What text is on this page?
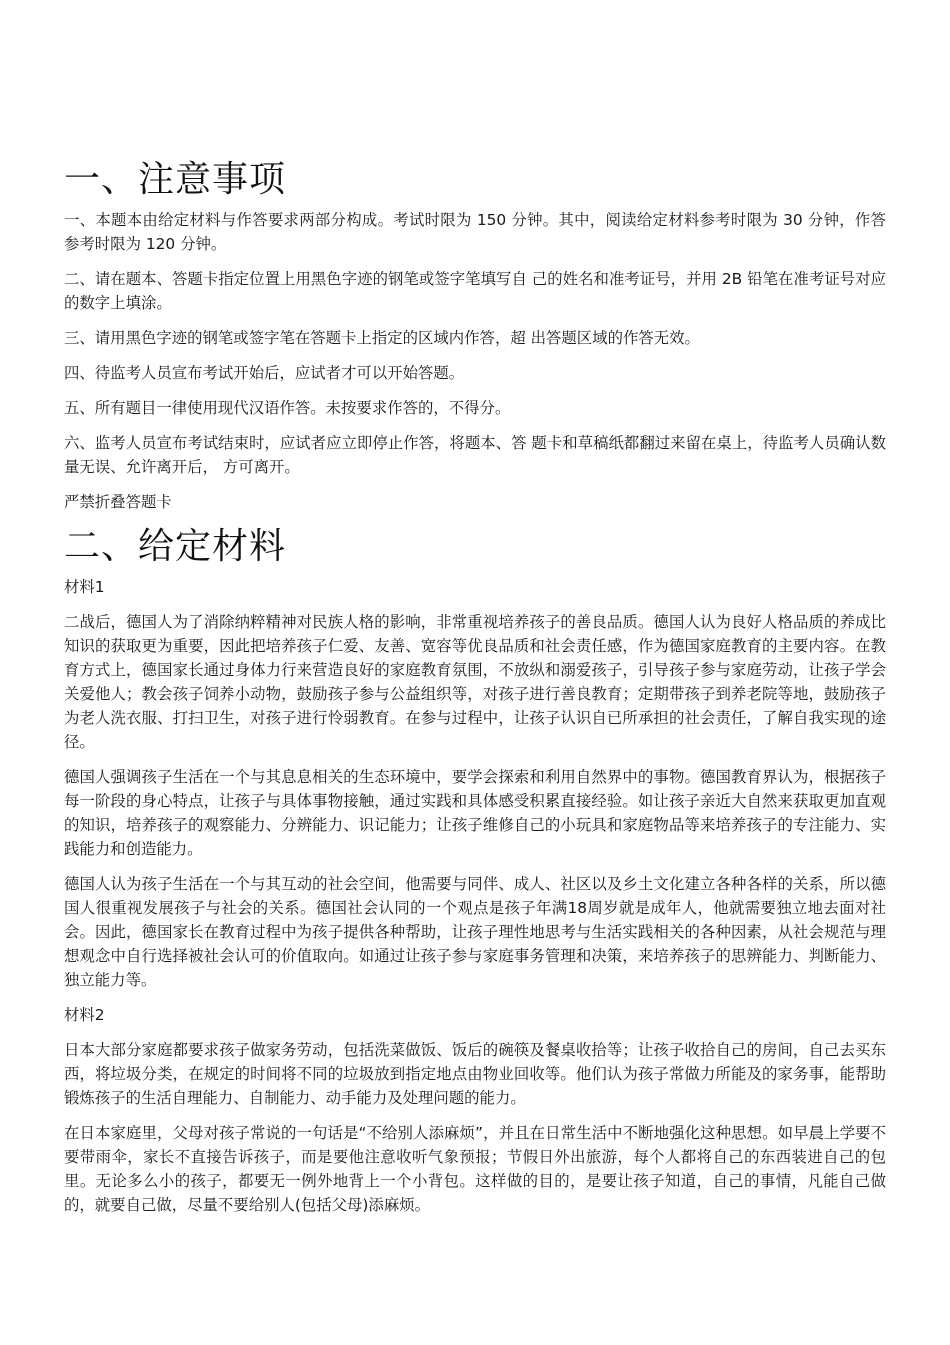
一、注意事项

一、本题本由给定材料与作答要求两部分构成。考试时限为 150 分钟。其中，阅读给定材料参考时限为 30 分钟，作答参考时限为 120 分钟。

二、请在题本、答题卡指定位置上用黑色字迹的钢笔或签字笔填写自 己的姓名和准考证号，并用 2B 铅笔在准考证号对应的数字上填涂。

三、请用黑色字迹的钢笔或签字笔在答题卡上指定的区域内作答，超 出答题区域的作答无效。

四、待监考人员宣布考试开始后，应试者才可以开始答题。

五、所有题目一律使用现代汉语作答。未按要求作答的，不得分。

六、监考人员宣布考试结束时，应试者应立即停止作答，将题本、答 题卡和草稿纸都翻过来留在桌上，待监考人员确认数量无误、允许离开后， 方可离开。

严禁折叠答题卡

二、给定材料

材料1

二战后，德国人为了消除纳粹精神对民族人格的影响，非常重视培养孩子的善良品质。德国人认为良好人格品质的养成比知识的获取更为重要，因此把培养孩子仁爱、友善、宽容等优良品质和社会责任感，作为德国家庭教育的主要内容。在教育方式上，德国家长通过身体力行来营造良好的家庭教育氛围，不放纵和溺爱孩子，引导孩子参与家庭劳动，让孩子学会关爱他人；教会孩子饲养小动物，鼓励孩子参与公益组织等，对孩子进行善良教育；定期带孩子到养老院等地，鼓励孩子为老人洗衣服、打扫卫生，对孩子进行怜弱教育。在参与过程中，让孩子认识自已所承担的社会责任，了解自我实现的途径。

德国人强调孩子生活在一个与其息息相关的生态环境中，要学会探索和利用自然界中的事物。德国教育界认为，根据孩子每一阶段的身心特点，让孩子与具体事物接触，通过实践和具体感受积累直接经验。如让孩子亲近大自然来获取更加直观的知识，培养孩子的观察能力、分辨能力、识记能力；让孩子维修自己的小玩具和家庭物品等来培养孩子的专注能力、实践能力和创造能力。

德国人认为孩子生活在一个与其互动的社会空间，他需要与同伴、成人、社区以及乡土文化建立各种各样的关系，所以德国人很重视发展孩子与社会的关系。德国社会认同的一个观点是孩子年满18周岁就是成年人，他就需要独立地去面对社会。因此，德国家长在教育过程中为孩子提供各种帮助，让孩子理性地思考与生活实践相关的各种因素，从社会规范与理想观念中自行选择被社会认可的价值取向。如通过让孩子参与家庭事务管理和决策，来培养孩子的思辨能力、判断能力、独立能力等。

材料2

日本大部分家庭都要求孩子做家务劳动，包括洗菜做饭、饭后的碗筷及餐桌收拾等；让孩子收拾自己的房间，自己去买东西，将垃圾分类，在规定的时间将不同的垃圾放到指定地点由物业回收等。他们认为孩子常做力所能及的家务事，能帮助锻炼孩子的生活自理能力、自制能力、动手能力及处理问题的能力。

在日本家庭里，父母对孩子常说的一句话是“不给别人添麻烦”，并且在日常生活中不断地强化这种思想。如早晨上学要不要带雨伞，家长不直接告诉孩子，而是要他注意收听气象预报；节假日外出旅游，每个人都将自己的东西装进自己的包里。无论多么小的孩子，都要无一例外地背上一个小背包。这样做的目的，是要让孩子知道，自己的事情，凡能自己做的，就要自己做，尽量不要给别人(包括父母)添麻烦。
